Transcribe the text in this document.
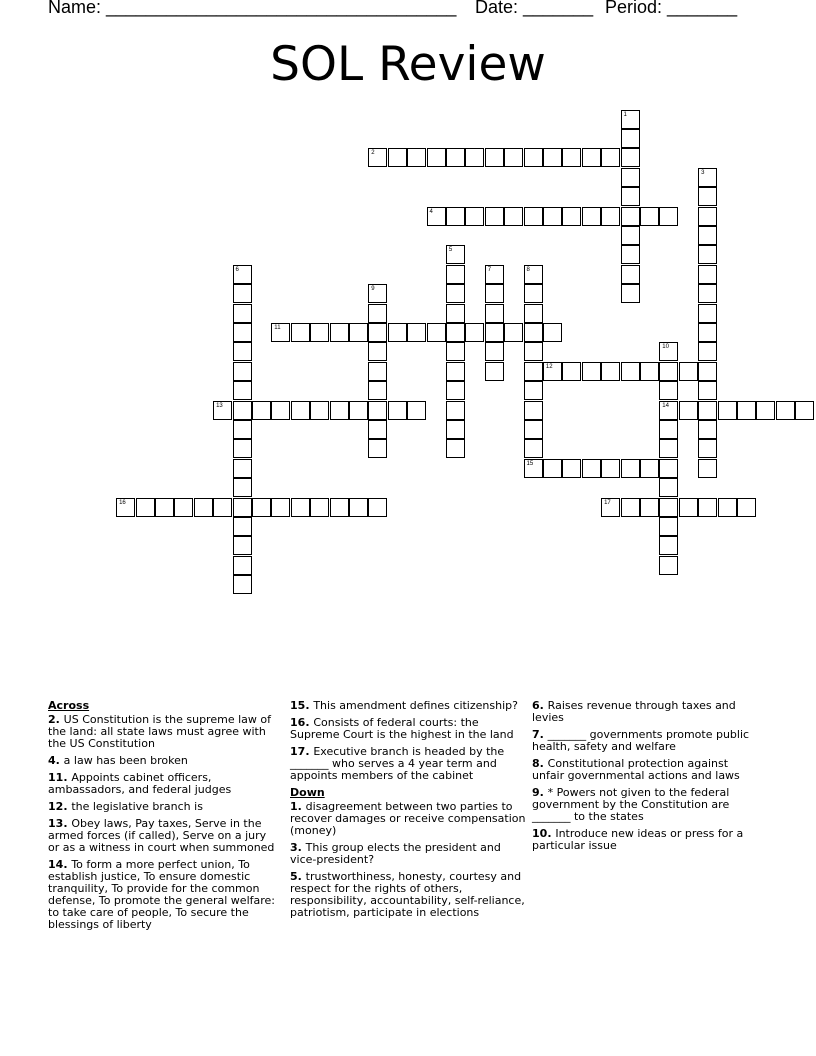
Name: ___________________________________ Date: _______ Period: _______
SOL Review
2
4
11
12
13	14
15
16	17
1
3
5
6	7	8
9
10
Across
2. US Constitution is the supreme law of the land: all state laws must agree with the US Constitution
4. a law has been broken
11. Appoints cabinet officers, ambassadors, and federal judges
12. the legislative branch is
13. Obey laws, Pay taxes, Serve in the armed forces (if called), Serve on a jury or as a witness in court when summoned
14. To form a more perfect union, To establish justice, To ensure domestic tranquility, To provide for the common defense, To promote the general welfare: to take care of people, To secure the blessings of liberty
15. This amendment defines citizenship?
16. Consists of federal courts: the Supreme Court is the highest in the land
17. Executive branch is headed by the _______ who serves a 4 year term and appoints members of the cabinet
Down
1. disagreement between two parties to recover damages or receive compensation (money)
3. This group elects the president and vice-president?
5. trustworthiness, honesty, courtesy and respect for the rights of others, responsibility, accountability, self-reliance, patriotism, participate in elections
6. Raises revenue through taxes and levies
7. _______ governments promote public health, safety and welfare
8. Constitutional protection against unfair governmental actions and laws
9. * Powers not given to the federal government by the Constitution are _______ to the states
10. Introduce new ideas or press for a particular issue
